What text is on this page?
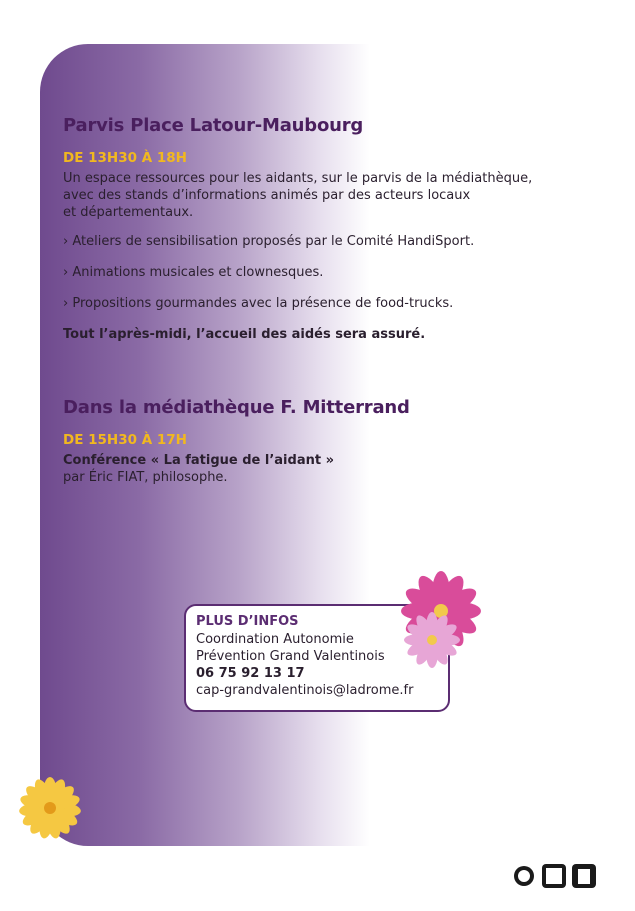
Parvis Place Latour-Maubourg
DE 13H30 À 18H

Un espace ressources pour les aidants, sur le parvis de la médiathèque,
avec des stands d’informations animés par des acteurs locaux
et départementaux.

› Ateliers de sensibilisation proposés par le Comité HandiSport.

› Animations musicales et clownesques.

› Propositions gourmandes avec la présence de food-trucks.

Tout l’après-midi, l’accueil des aidés sera assuré.

Dans la médiathèque F. Mitterrand
DE 15H30 À 17H
Conférence « La fatigue de l’aidant »
par Éric FIAT, philosophe.
PLUS D’INFOS
Coordination Autonomie
Prévention Grand Valentinois
06 75 92 13 17
cap-grandvalentinois@ladrome.fr
